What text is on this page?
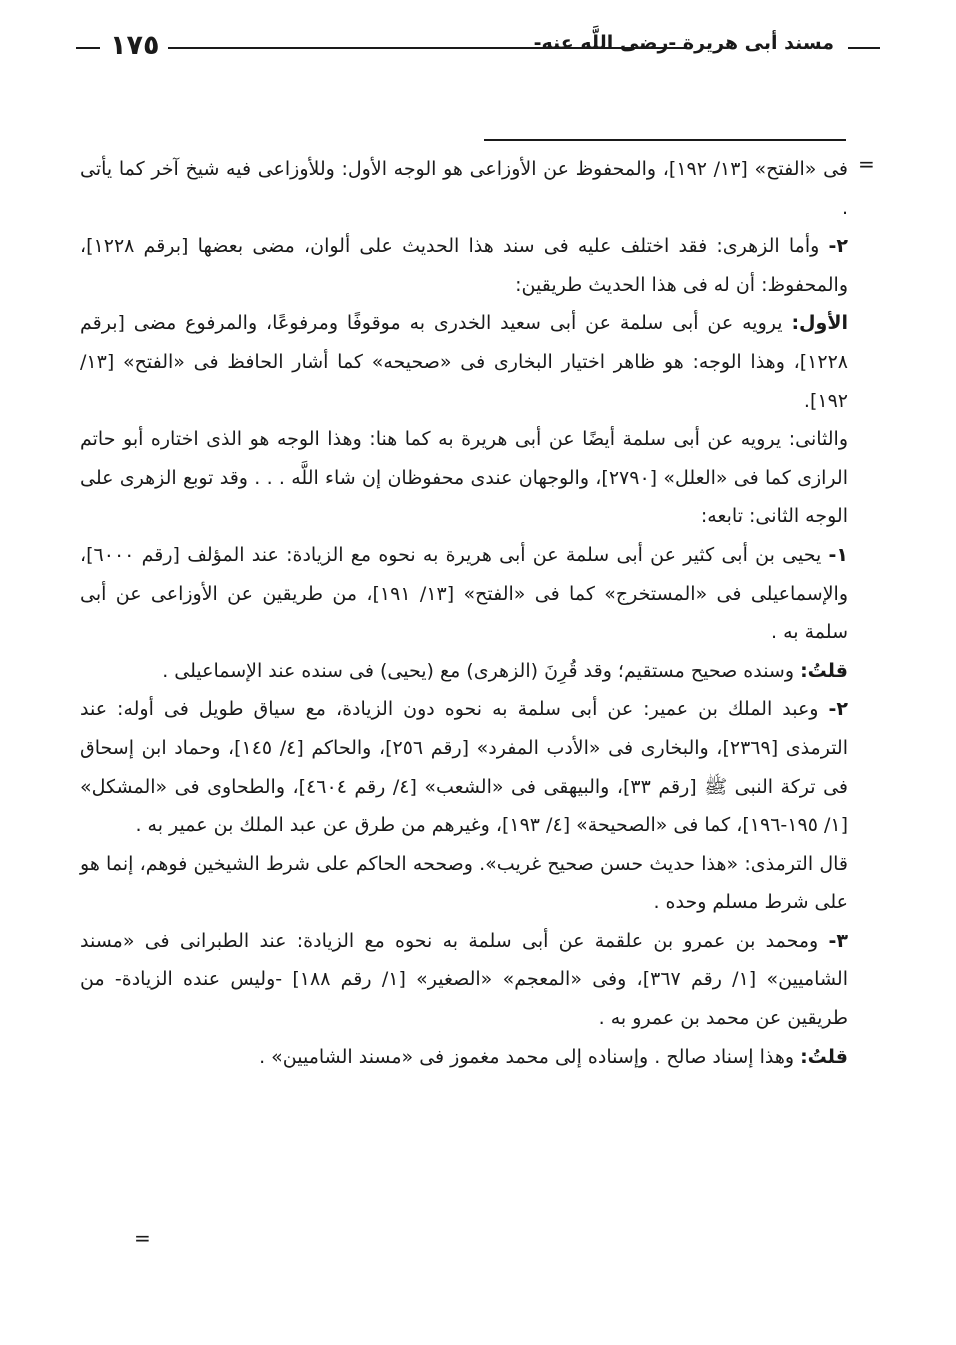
١٧٥	مسند أبى هريرة -رضى اللَّه عنه-
=

فى «الفتح» [١٣/ ١٩٢]، والمحفوظ عن الأوزاعى هو الوجه الأول: وللأوزاعى فيه شيخ آخر كما يأتى .

٢- وأما الزهرى: فقد اختلف عليه فى سند هذا الحديث على ألوان، مضى بعضها [برقم ١٢٢٨]، والمحفوظ: أن له فى هذا الحديث طريقين:

الأول: يرويه عن أبى سلمة عن أبى سعيد الخدرى به موقوفًا ومرفوعًا، والمرفوع مضى [برقم ١٢٢٨]، وهذا الوجه: هو ظاهر اختيار البخارى فى «صحيحه» كما أشار الحافظ فى «الفتح» [١٣/ ١٩٢].

والثانى: يرويه عن أبى سلمة أيضًا عن أبى هريرة به كما هنا: وهذا الوجه هو الذى اختاره أبو حاتم الرازى كما فى «العلل» [٢٧٩٠]، والوجهان عندى محفوظان إن شاء اللَّه . . . وقد توبع الزهرى على الوجه الثانى: تابعه:

١- يحيى بن أبى كثير عن أبى سلمة عن أبى هريرة به نحوه مع الزيادة: عند المؤلف [رقم ٦٠٠٠]، والإسماعيلى فى «المستخرج» كما فى «الفتح» [١٣/ ١٩١]، من طريقين عن الأوزاعى عن أبى سلمة به .

قلتُ: وسنده صحيح مستقيم؛ وقد قُرِنَ (الزهرى) مع (يحيى) فى سنده عند الإسماعيلى .

٢- وعبد الملك بن عمير: عن أبى سلمة به نحوه دون الزيادة، مع سياق طويل فى أوله: عند الترمذى [٢٣٦٩]، والبخارى فى «الأدب المفرد» [رقم ٢٥٦]، والحاكم [٤/ ١٤٥]، وحماد ابن إسحاق فى تركة النبى ﷺ [رقم ٣٣]، والبيهقى فى «الشعب» [٤/ رقم ٤٦٠٤]، والطحاوى فى «المشكل» [١/ ١٩٥-١٩٦]، كما فى «الصحيحة» [٤/ ١٩٣]، وغيرهم من طرق عن عبد الملك بن عمير به .

قال الترمذى: «هذا حديث حسن صحيح غريب». وصححه الحاكم على شرط الشيخين فوهم، إنما هو على شرط مسلم وحده .

٣- ومحمد بن عمرو بن علقمة عن أبى سلمة به نحوه مع الزيادة: عند الطبرانى فى «مسند الشاميين» [١/ رقم ٣٦٧]، وفى «المعجم» «الصغير» [١/ رقم ١٨٨] -وليس عنده الزيادة- من طريقين عن محمد بن عمرو به .

قلتُ: وهذا إسناد صالح . وإسناده إلى محمد مغموز فى «مسند الشاميين» .

=
